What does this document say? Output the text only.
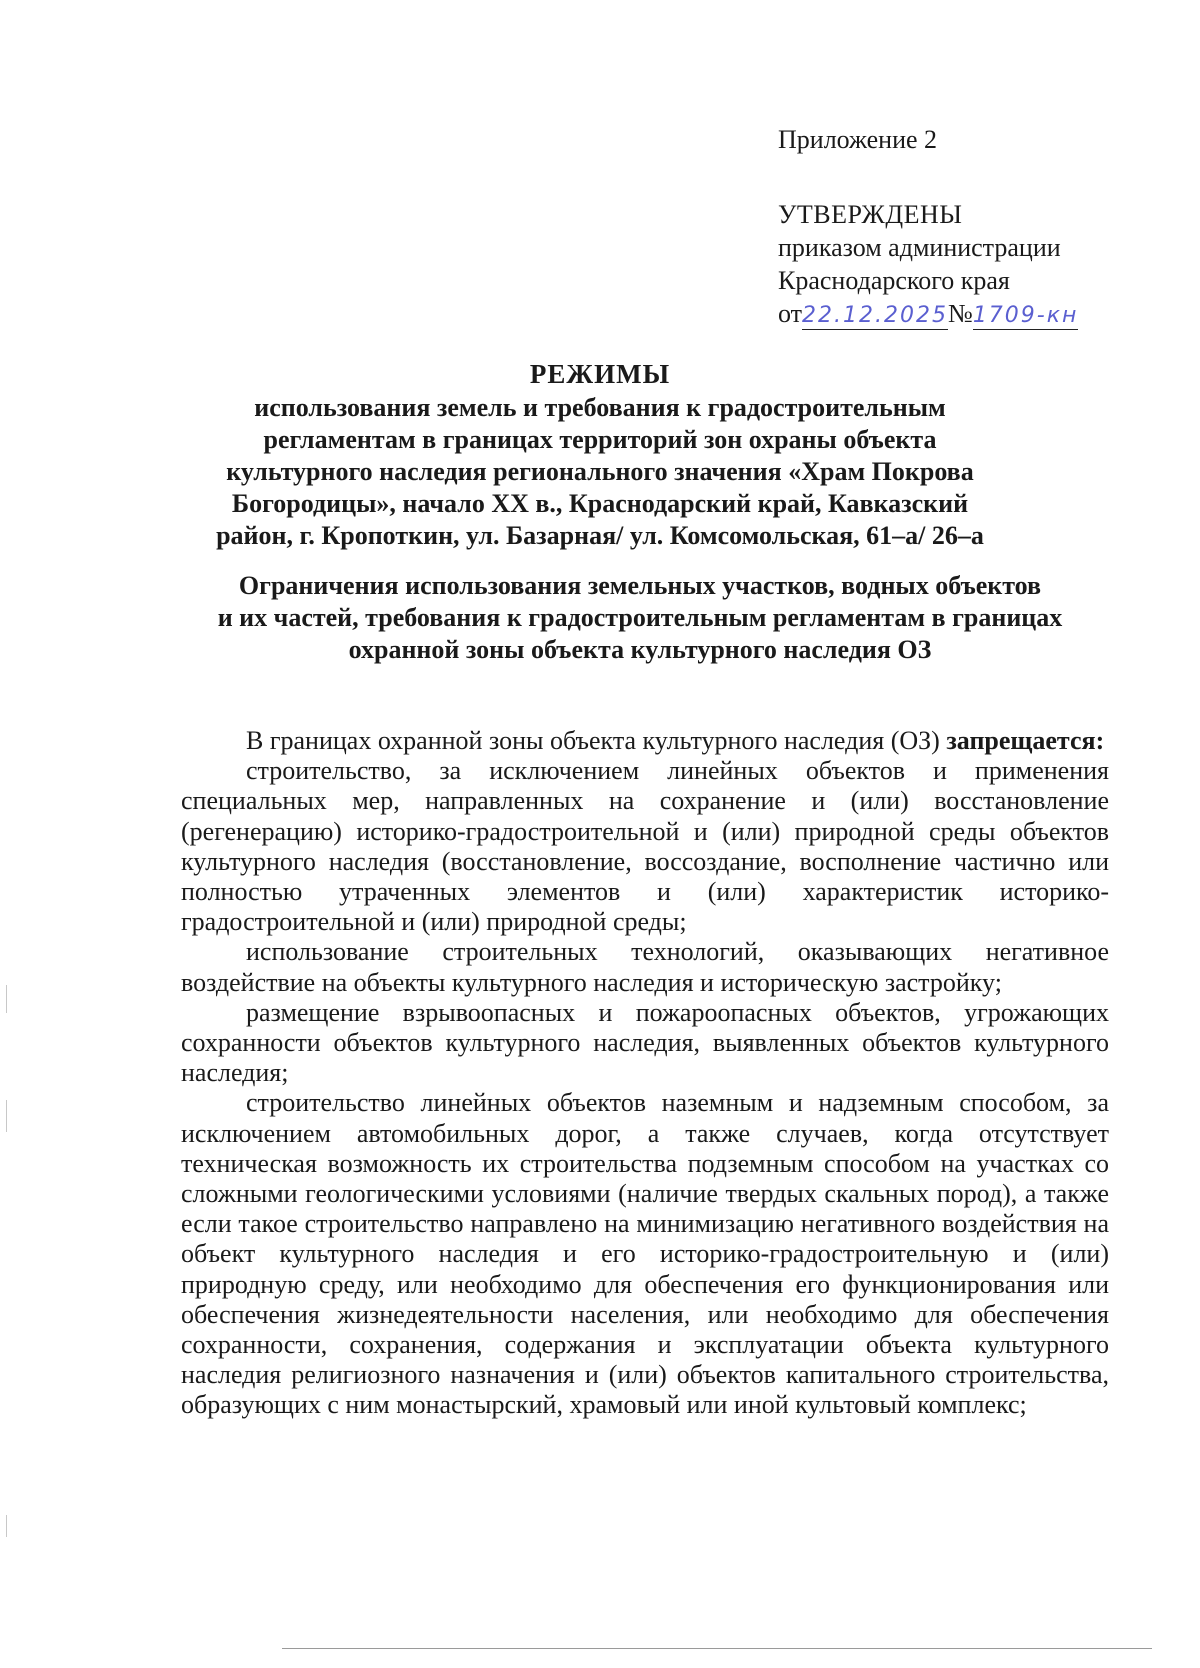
Приложение 2
УТВЕРЖДЕНЫ
приказом администрации
Краснодарского края
от22.12.2025№1709-кн
РЕЖИМЫ
использования земель и требования к градостроительным
регламентам в границах территорий зон охраны объекта
культурного наследия регионального значения «Храм Покрова
Богородицы», начало XX в., Краснодарский край, Кавказский
район, г. Кропоткин, ул. Базарная/ ул. Комсомольская, 61–а/ 26–а
Ограничения использования земельных участков, водных объектов
и их частей, требования к градостроительным регламентам в границах
охранной зоны объекта культурного наследия ОЗ

В границах охранной зоны объекта культурного наследия (ОЗ) запрещается:

строительство, за исключением линейных объектов и применения специальных мер, направленных на сохранение и (или) восстановление (регенерацию) историко-градостроительной и (или) природной среды объектов культурного наследия (восстановление, воссоздание, восполнение частично или полностью утраченных элементов и (или) характеристик историко-градостроительной и (или) природной среды;

использование строительных технологий, оказывающих негативное воздействие на объекты культурного наследия и историческую застройку;

размещение взрывоопасных и пожароопасных объектов, угрожающих сохранности объектов культурного наследия, выявленных объектов культурного наследия;

строительство линейных объектов наземным и надземным способом, за исключением автомобильных дорог, а также случаев, когда отсутствует техническая возможность их строительства подземным способом на участках со сложными геологическими условиями (наличие твердых скальных пород), а также если такое строительство направлено на минимизацию негативного воздействия на объект культурного наследия и его историко-градостроительную и (или) природную среду, или необходимо для обеспечения его функционирования или обеспечения жизнедеятельности населения, или необходимо для обеспечения сохранности, сохранения, содержания и эксплуатации объекта культурного наследия религиозного назначения и (или) объектов капитального строительства, образующих с ним монастырский, храмовый или иной культовый комплекс;
